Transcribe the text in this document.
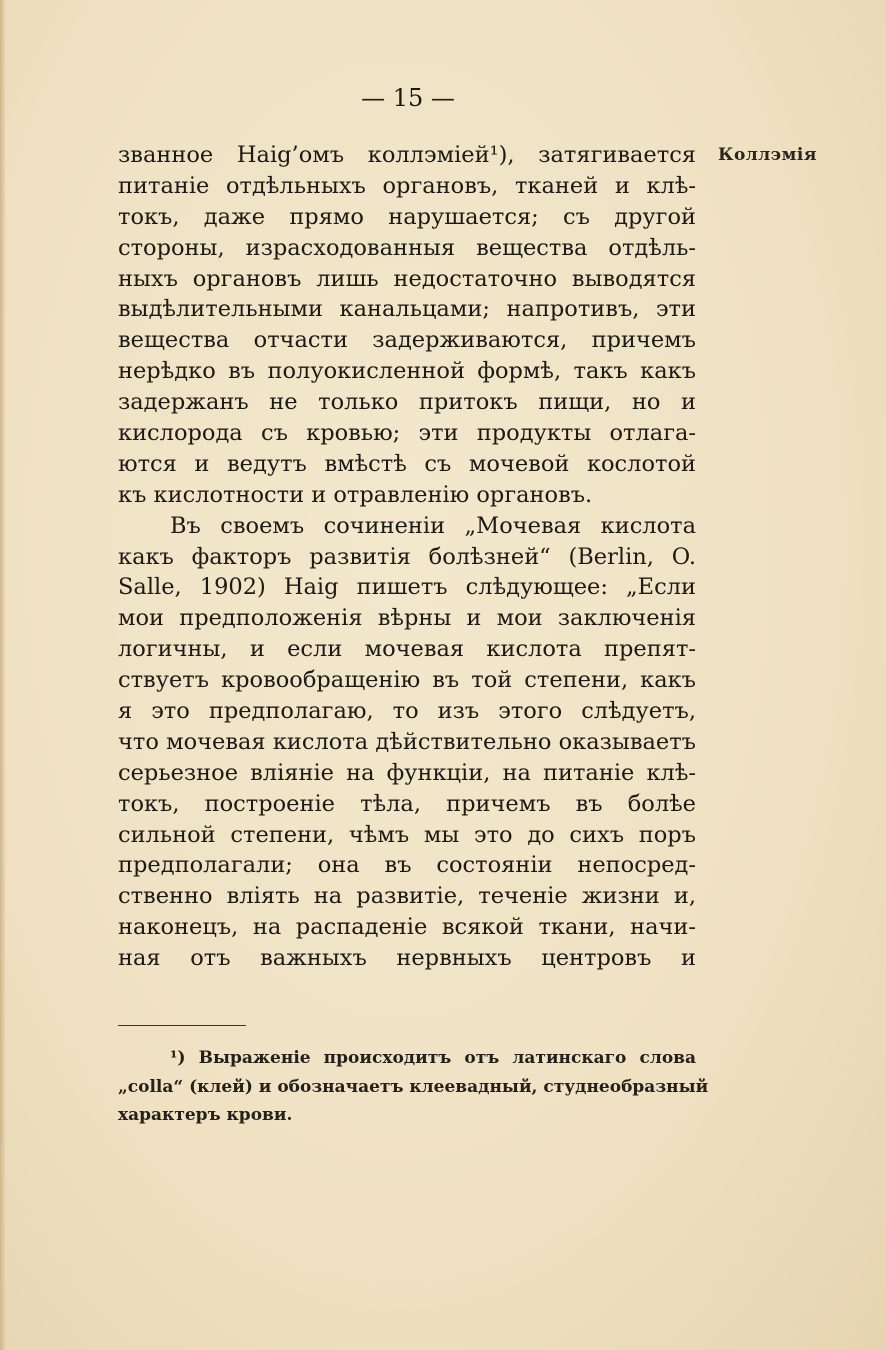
— 15 —
Коллэмія
званное Haig’омъ коллэміей¹), затягивается
питаніе отдѣльныхъ органовъ, тканей и клѣ-
токъ, даже прямо нарушается; съ другой
стороны, израсходованныя вещества отдѣль-
ныхъ органовъ лишь недостаточно выводятся
выдѣлительными канальцами; напротивъ, эти
вещества отчасти задерживаются, причемъ
нерѣдко въ полуокисленной формѣ, такъ какъ
задержанъ не только притокъ пищи, но и
кислорода съ кровью; эти продукты отлага-
ются и ведутъ вмѣстѣ съ мочевой кослотой
къ кислотности и отравленію органовъ.
Въ своемъ сочиненіи „Мочевая кислота
какъ факторъ развитія болѣзней“ (Berlin, O.
Salle, 1902) Haig пишетъ слѣдующее: „Если
мои предположенія вѣрны и мои заключенія
логичны, и если мочевая кислота препят-
ствуетъ кровообращенію въ той степени, какъ
я это предполагаю, то изъ этого слѣдуетъ,
что мочевая кислота дѣйствительно оказываетъ
серьезное вліяніе на функціи, на питаніе клѣ-
токъ, построеніе тѣла, причемъ въ болѣе
сильной степени, чѣмъ мы это до сихъ поръ
предполагали; она въ состояніи непосред-
ственно вліять на развитіе, теченіе жизни и,
наконецъ, на распаденіе всякой ткани, начи-
ная отъ важныхъ нервныхъ центровъ и
¹) Выраженіе происходитъ отъ латинскаго слова
„colla“ (клей) и обозначаетъ клеевадный, студнеобразный
характеръ крови.
